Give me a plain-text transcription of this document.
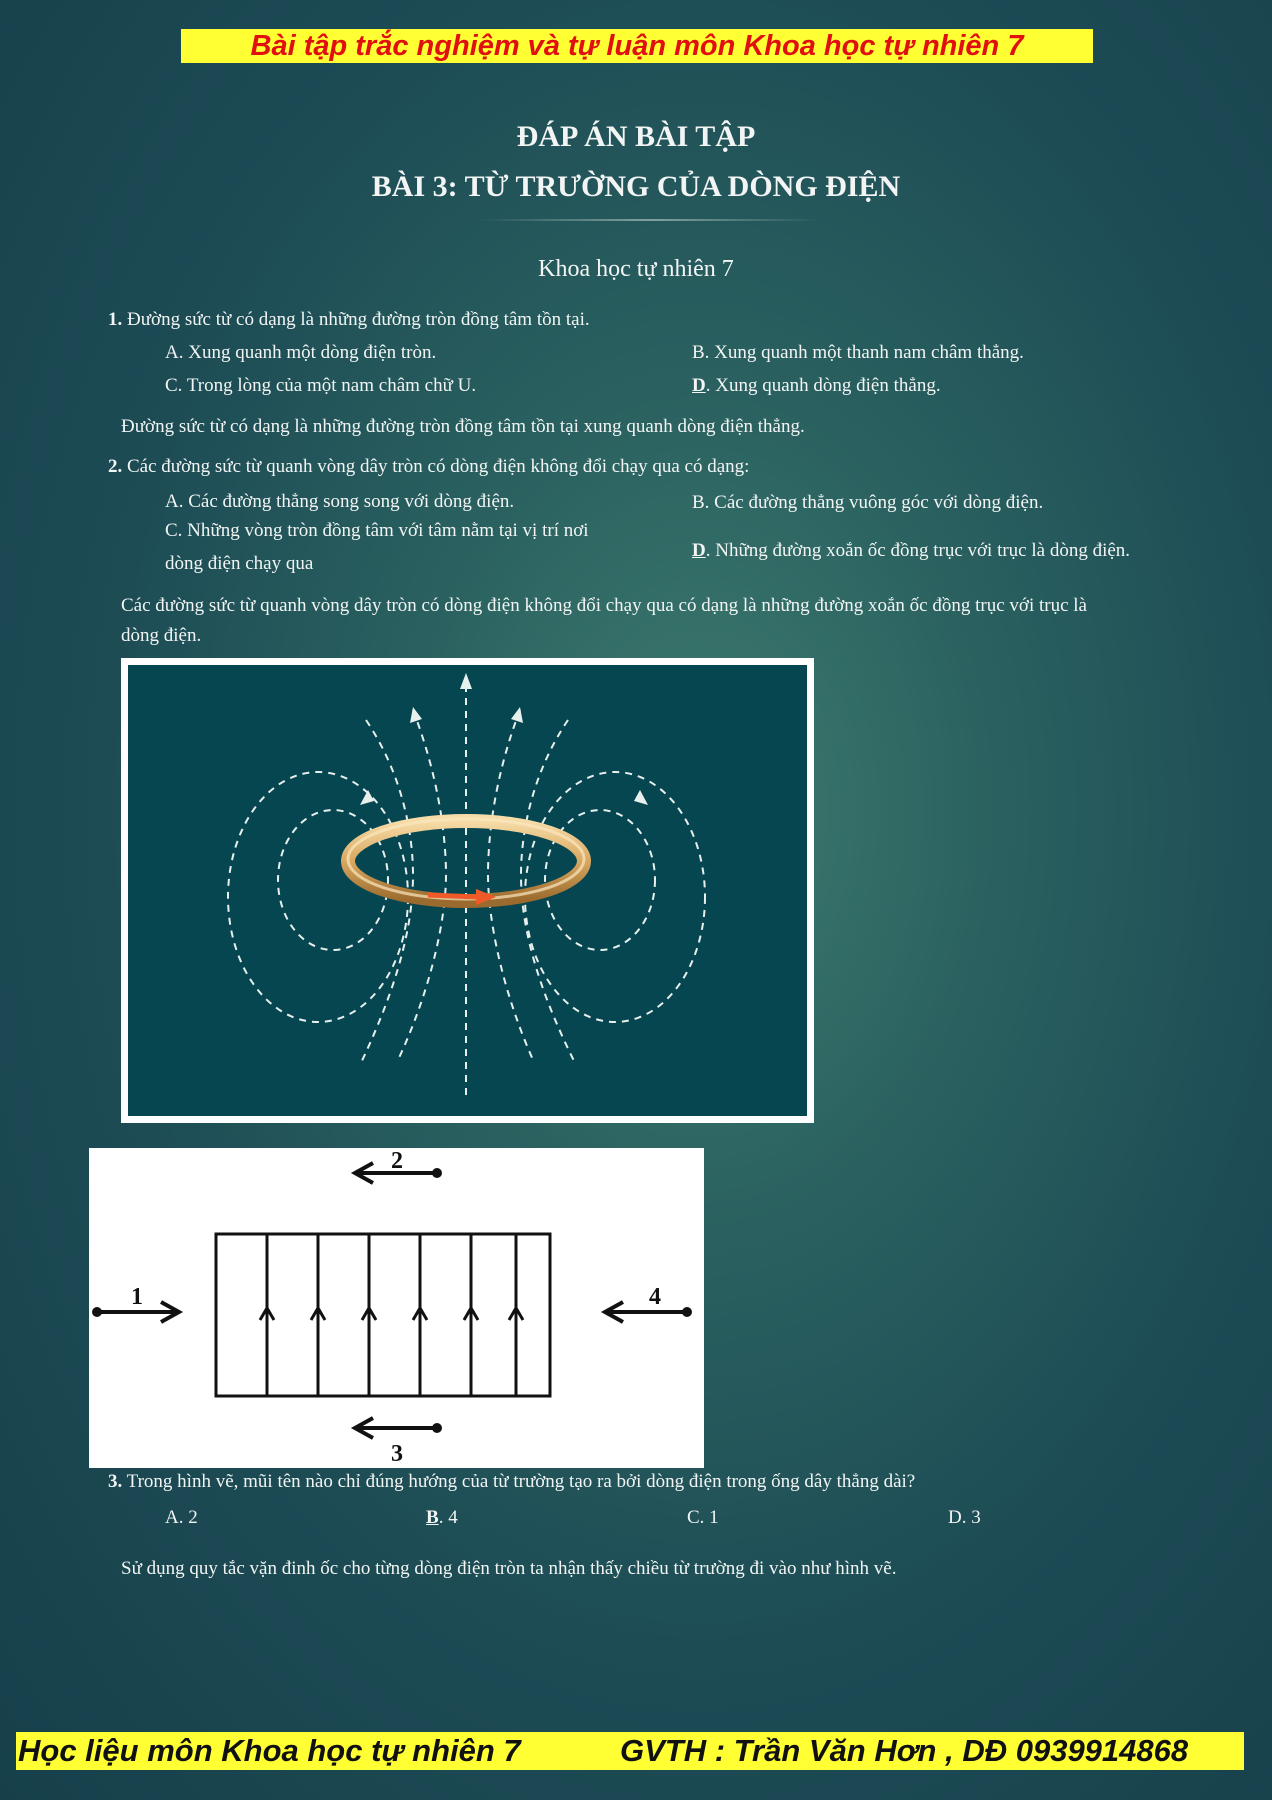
Bài tập trắc nghiệm và tự luận môn Khoa học tự nhiên 7
ĐÁP ÁN BÀI TẬP
BÀI 3: TỪ TRƯỜNG CỦA DÒNG ĐIỆN
Khoa học tự nhiên 7
1. Đường sức từ có dạng là những đường tròn đồng tâm tồn tại.
A. Xung quanh một dòng điện tròn.	B. Xung quanh một thanh nam châm thẳng.
C. Trong lòng của một nam châm chữ U.	D. Xung quanh dòng điện thẳng.
Đường sức từ có dạng là những đường tròn đồng tâm tồn tại xung quanh dòng điện thẳng.
2. Các đường sức từ quanh vòng dây tròn có dòng điện không đổi chạy qua có dạng:
A. Các đường thẳng song song với dòng điện.	B. Các đường thẳng vuông góc với dòng điện.
C. Những vòng tròn đồng tâm với tâm nằm tại vị trí nơi
dòng điện chạy qua
D. Những đường xoắn ốc đồng trục với trục là dòng điện.
Các đường sức từ quanh vòng dây tròn có dòng điện không đổi chạy qua có dạng là những đường xoắn ốc đồng trục với trục là
dòng điện.
1
2
3
4
3. Trong hình vẽ, mũi tên nào chỉ đúng hướng của từ trường tạo ra bởi dòng điện trong ống dây thẳng dài?
A. 2	B. 4	C. 1	D. 3
Sử dụng quy tắc vặn đinh ốc cho từng dòng điện tròn ta nhận thấy chiều từ trường đi vào như hình vẽ.
Học liệu môn Khoa học tự nhiên 7	GVTH : Trần Văn Hơn , DĐ 0939914868
